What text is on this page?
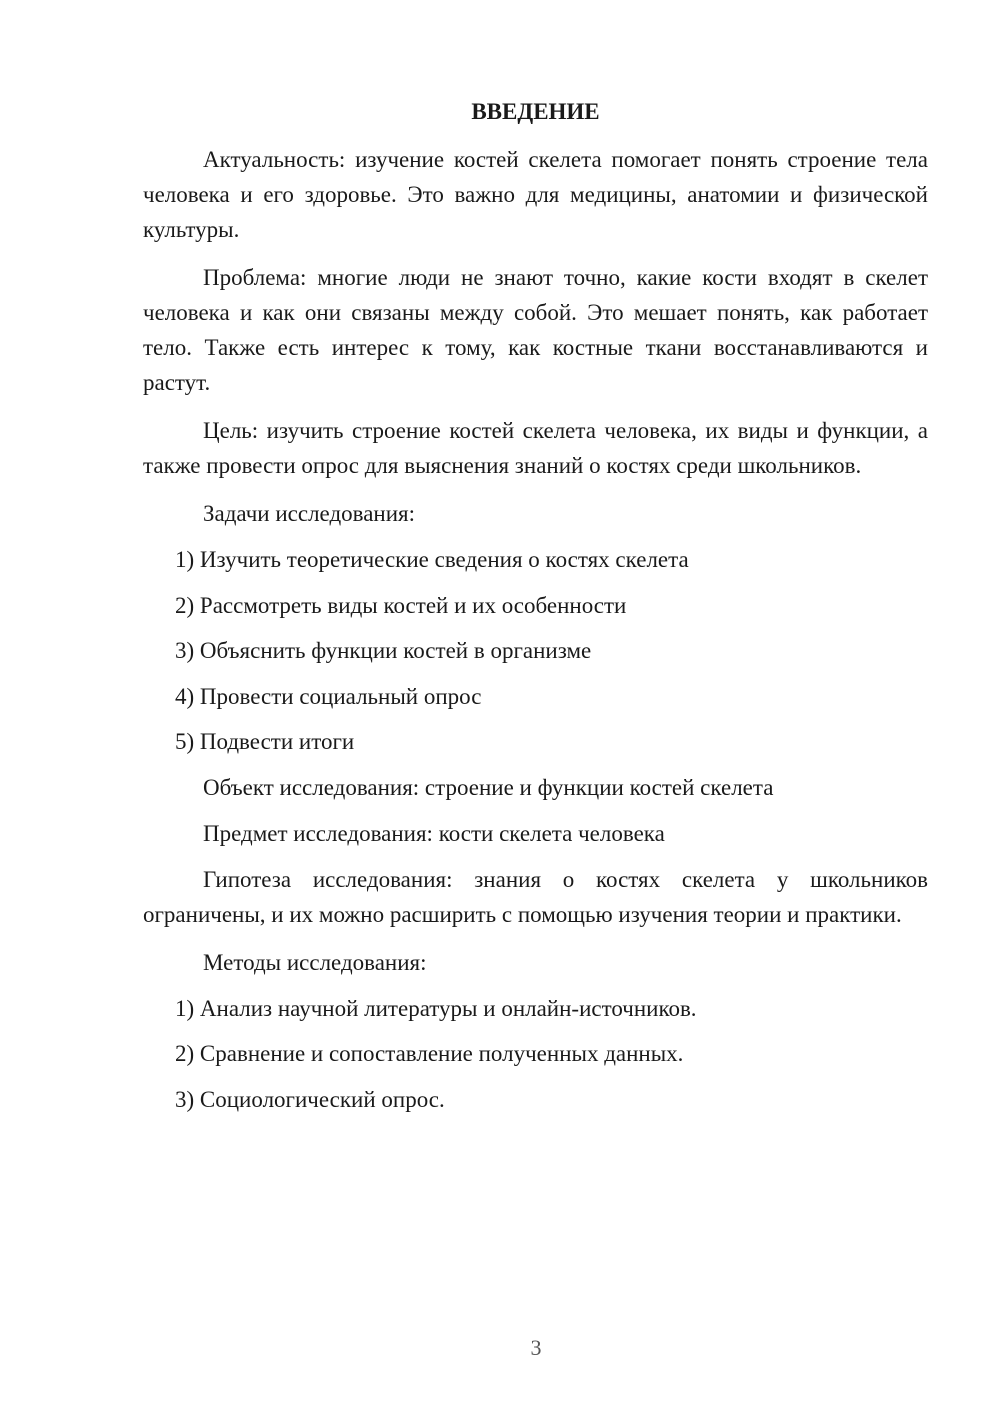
ВВЕДЕНИЕ

Актуальность: изучение костей скелета помогает понять строение тела человека и его здоровье. Это важно для медицины, анатомии и физической культуры.

Проблема: многие люди не знают точно, какие кости входят в скелет человека и как они связаны между собой. Это мешает понять, как работает тело. Также есть интерес к тому, как костные ткани восстанавливаются и растут.

Цель: изучить строение костей скелета человека, их виды и функции, а также провести опрос для выяснения знаний о костях среди школьников.

Задачи исследования:
1) Изучить теоретические сведения о костях скелета
2) Рассмотреть виды костей и их особенности
3) Объяснить функции костей в организме
4) Провести социальный опрос
5) Подвести итоги
Объект исследования: строение и функции костей скелета
Предмет исследования: кости скелета человека

Гипотеза исследования: знания о костях скелета у школьников ограничены, и их можно расширить с помощью изучения теории и практики.

Методы исследования:
1) Анализ научной литературы и онлайн-источников.
2) Сравнение и сопоставление полученных данных.
3) Социологический опрос.
3
